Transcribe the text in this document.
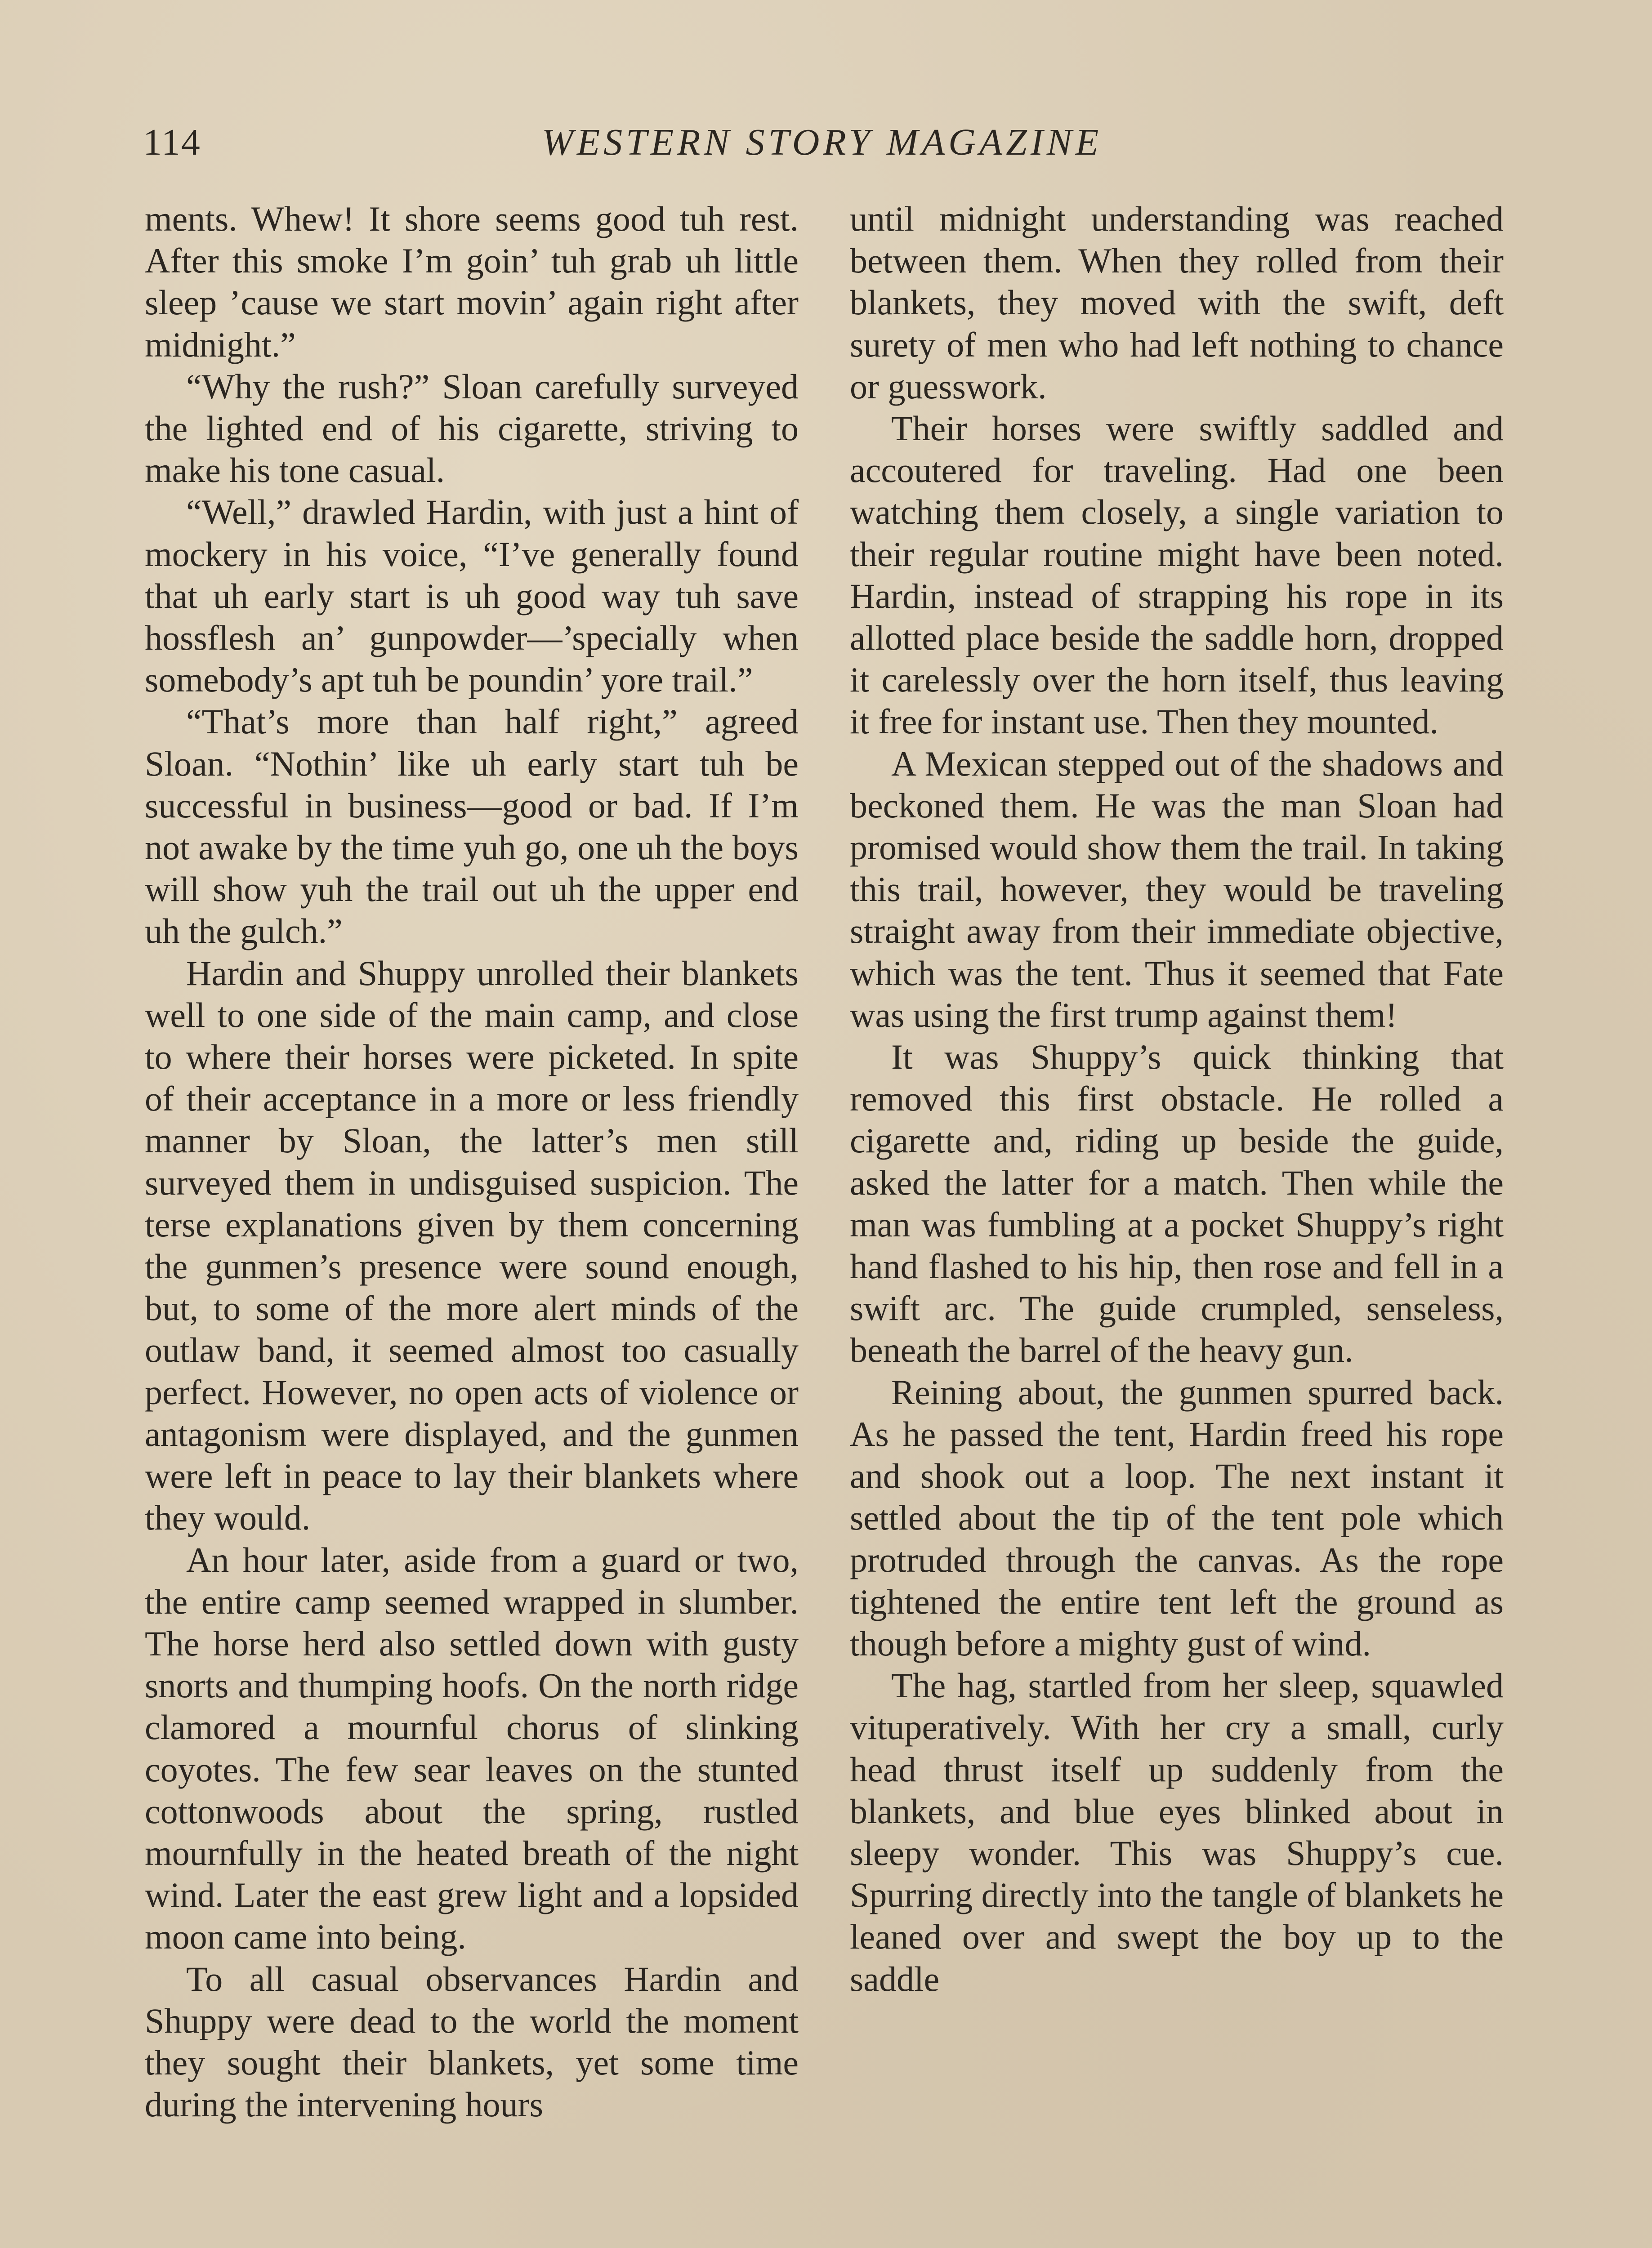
114	WESTERN STORY MAGAZINE

ments. Whew! It shore seems good tuh rest. After this smoke I’m goin’ tuh grab uh little sleep ’cause we start movin’ again right after midnight.”

“Why the rush?” Sloan carefully surveyed the lighted end of his cigarette, striving to make his tone casual.

“Well,” drawled Hardin, with just a hint of mockery in his voice, “I’ve generally found that uh early start is uh good way tuh save hossflesh an’ gunpowder—’specially when somebody’s apt tuh be poundin’ yore trail.”

“That’s more than half right,” agreed Sloan. “Nothin’ like uh early start tuh be successful in business—good or bad. If I’m not awake by the time yuh go, one uh the boys will show yuh the trail out uh the upper end uh the gulch.”

Hardin and Shuppy unrolled their blankets well to one side of the main camp, and close to where their horses were picketed. In spite of their acceptance in a more or less friendly manner by Sloan, the latter’s men still surveyed them in undisguised suspicion. The terse explanations given by them concerning the gunmen’s presence were sound enough, but, to some of the more alert minds of the outlaw band, it seemed almost too casually perfect. However, no open acts of violence or antagonism were displayed, and the gunmen were left in peace to lay their blankets where they would.

An hour later, aside from a guard or two, the entire camp seemed wrapped in slumber. The horse herd also settled down with gusty snorts and thumping hoofs. On the north ridge clamored a mournful chorus of slinking coyotes. The few sear leaves on the stunted cottonwoods about the spring, rustled mournfully in the heated breath of the night wind. Later the east grew light and a lopsided moon came into being.

To all casual observances Hardin and Shuppy were dead to the world the moment they sought their blankets, yet some time during the intervening hours

until midnight understanding was reached between them. When they rolled from their blankets, they moved with the swift, deft surety of men who had left nothing to chance or guesswork.

Their horses were swiftly saddled and accoutered for traveling. Had one been watching them closely, a single variation to their regular routine might have been noted. Hardin, instead of strapping his rope in its allotted place beside the saddle horn, dropped it carelessly over the horn itself, thus leaving it free for instant use. Then they mounted.

A Mexican stepped out of the shadows and beckoned them. He was the man Sloan had promised would show them the trail. In taking this trail, however, they would be traveling straight away from their immediate objective, which was the tent. Thus it seemed that Fate was using the first trump against them!

It was Shuppy’s quick thinking that removed this first obstacle. He rolled a cigarette and, riding up beside the guide, asked the latter for a match. Then while the man was fumbling at a pocket Shuppy’s right hand flashed to his hip, then rose and fell in a swift arc. The guide crumpled, senseless, beneath the barrel of the heavy gun.

Reining about, the gunmen spurred back. As he passed the tent, Hardin freed his rope and shook out a loop. The next instant it settled about the tip of the tent pole which protruded through the canvas. As the rope tightened the entire tent left the ground as though before a mighty gust of wind.

The hag, startled from her sleep, squawled vituperatively. With her cry a small, curly head thrust itself up suddenly from the blankets, and blue eyes blinked about in sleepy wonder. This was Shuppy’s cue. Spurring directly into the tangle of blankets he leaned over and swept the boy up to the saddle
